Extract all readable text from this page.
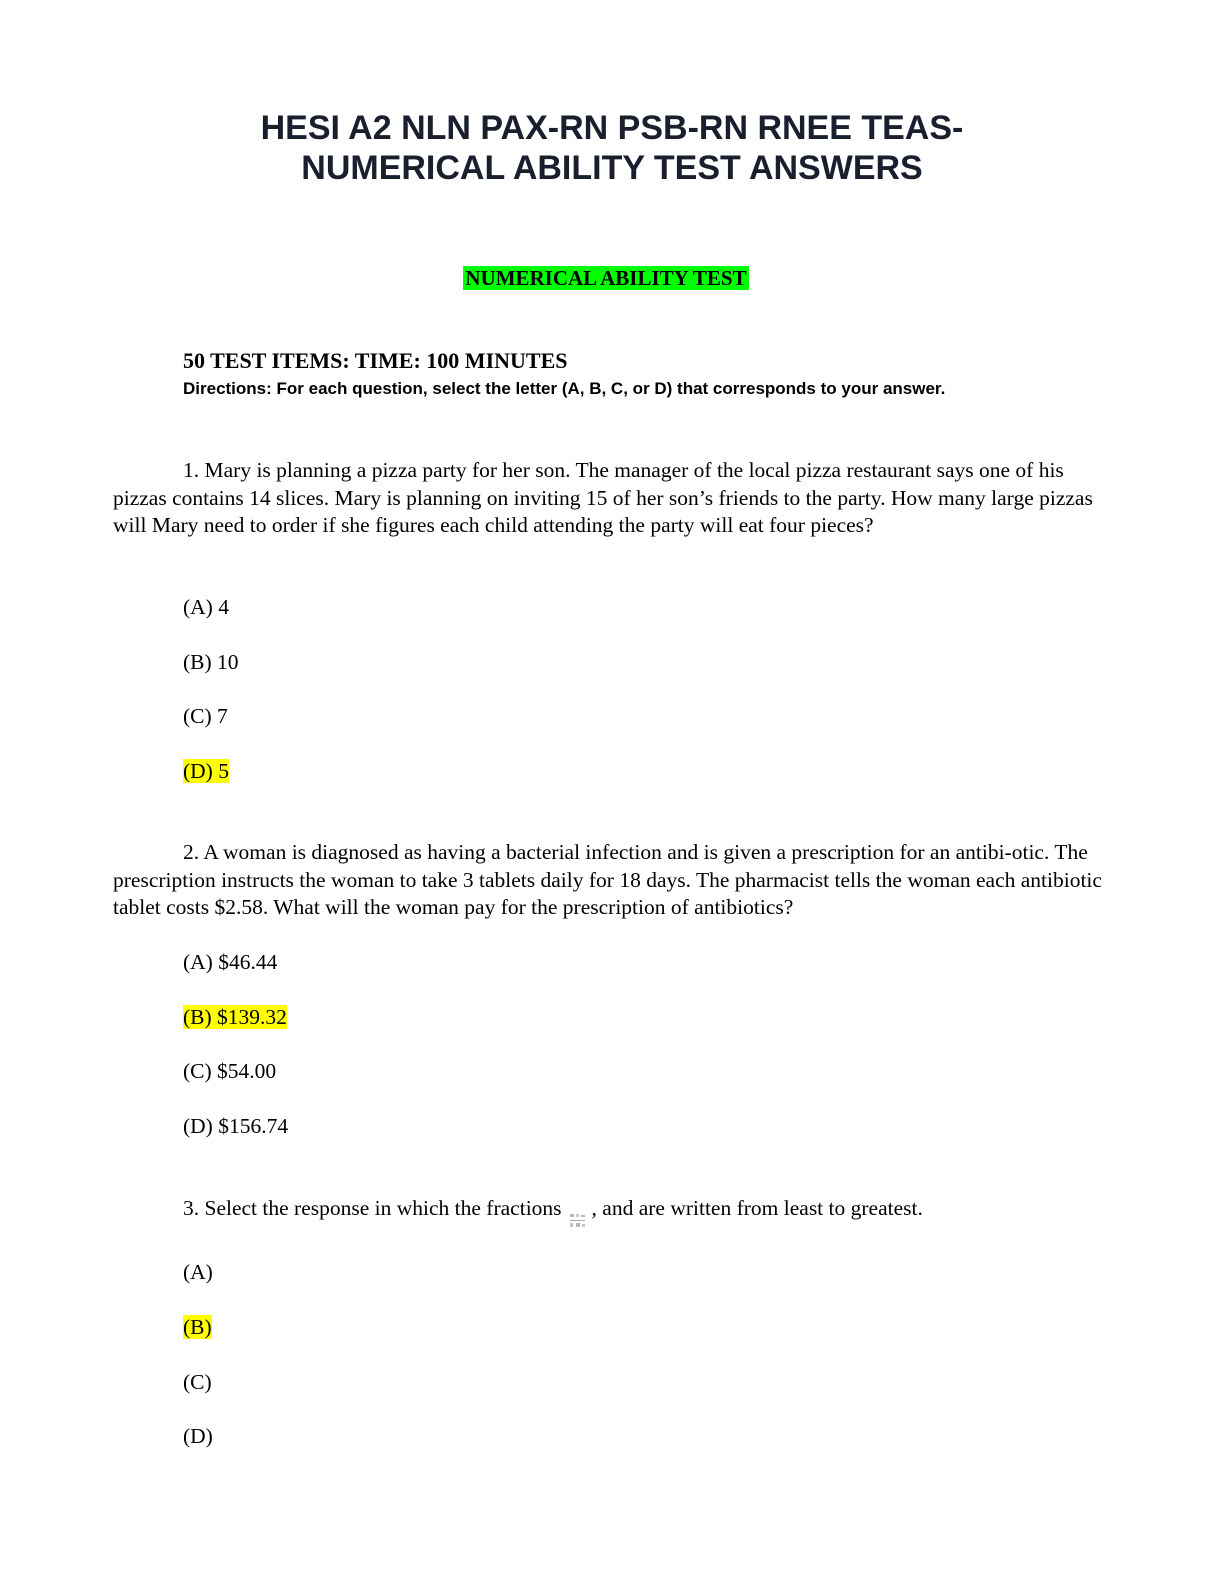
HESI A2 NLN PAX-RN PSB-RN RNEE TEAS-
NUMERICAL ABILITY TEST ANSWERS
NUMERICAL ABILITY TEST
50 TEST ITEMS: TIME: 100 MINUTES
Directions: For each question, select the letter (A, B, C, or D) that corresponds to your answer.

1. Mary is planning a pizza party for her son. The manager of the local pizza restaurant says one of his pizzas contains 14 slices. Mary is planning on inviting 15 of her son’s friends to the party. How many large pizzas will Mary need to order if she figures each child attending the party will eat four pieces?

(A) 4
(B) 10
(C) 7
(D) 5

2. A woman is diagnosed as having a bacterial infection and is given a prescription for an antibi-otic. The prescription instructs the woman to take 3 tablets daily for 18 days. The pharmacist tells the woman each antibiotic tablet costs $2.58. What will the woman pay for the prescription of antibiotics?

(A) $46.44
(B) $139.32
(C) $54.00
(D) $156.74
3. Select the response in which the fractions , and are written from least to greatest.
(A)
(B)
(C)
(D)
